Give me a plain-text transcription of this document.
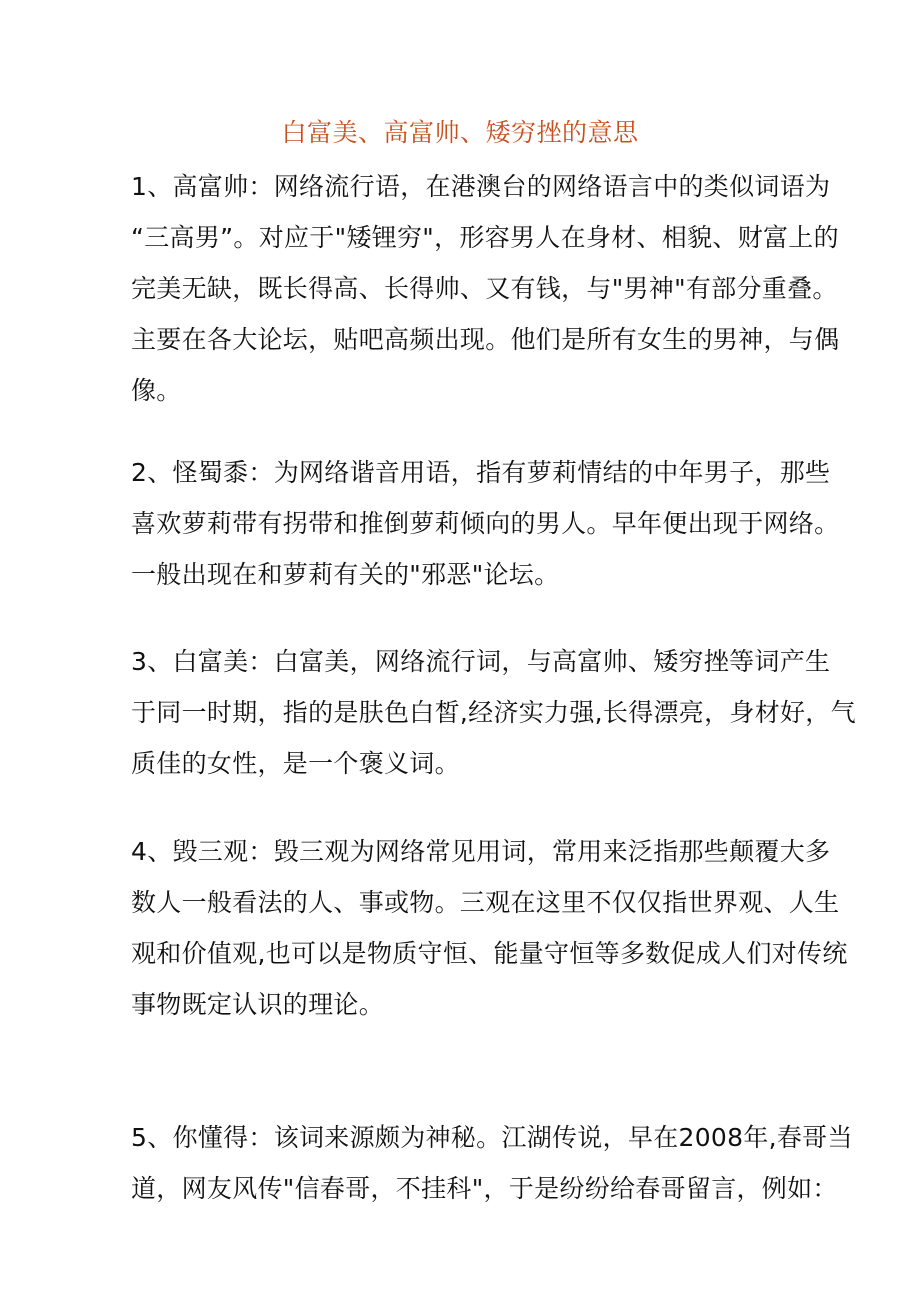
白富美、高富帅、矮穷挫的意思

1、高富帅：网络流行语，在港澳台的网络语言中的类似词语为
“三高男”。对应于"矮锂穷"，形容男人在身材、相貌、财富上的
完美无缺，既长得高、长得帅、又有钱，与"男神"有部分重叠。
主要在各大论坛，贴吧高频出现。他们是所有女生的男神，与偶
像。

2、怪蜀黍：为网络谐音用语，指有萝莉情结的中年男子，那些
喜欢萝莉带有拐带和推倒萝莉倾向的男人。早年便出现于网络。
一般出现在和萝莉有关的"邪恶"论坛。

3、白富美：白富美，网络流行词，与高富帅、矮穷挫等词产生
于同一时期，指的是肤色白皙,经济实力强,长得漂亮，身材好，气
质佳的女性，是一个褒义词。

4、毁三观：毁三观为网络常见用词，常用来泛指那些颠覆大多
数人一般看法的人、事或物。三观在这里不仅仅指世界观、人生
观和价值观,也可以是物质守恒、能量守恒等多数促成人们对传统
事物既定认识的理论。

5、你懂得：该词来源颇为神秘。江湖传说，早在2008年,春哥当
道，网友风传"信春哥，不挂科"，于是纷纷给春哥留言，例如：
